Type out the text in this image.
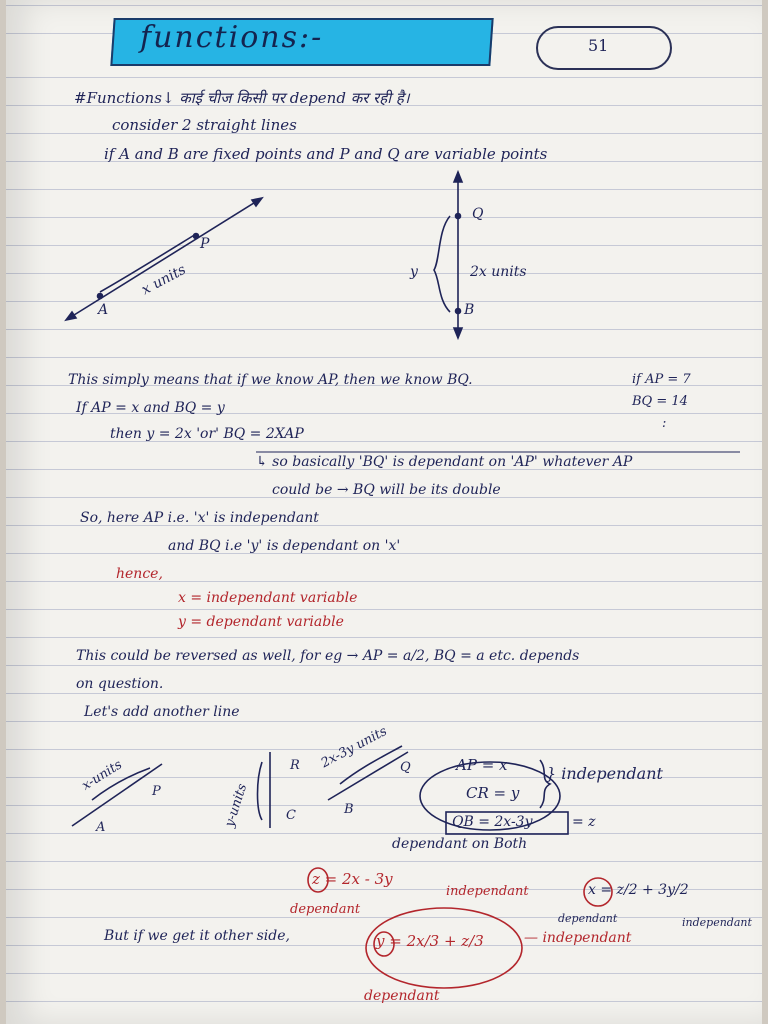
functions:-	51
#Functions↓ काई चीज किसी पर depend कर रही है।
consider 2 straight lines
if A and B are fixed points and P and Q are variable points
P
A
x units
Q
B
y	2x units
This simply means that if we know AP, then we know BQ.	if AP = 7
BQ = 14
:
If AP = x and BQ = y
then y = 2x 'or' BQ = 2XAP
↳ so basically 'BQ' is dependant on 'AP' whatever AP
could be → BQ will be its double
So, here AP i.e. 'x' is independant
and BQ i.e 'y' is dependant on 'x'
hence,
x = independant variable
y = dependant variable
This could be reversed as well, for eg → AP = a/2, BQ = a etc. depends
on question.
Let's add another line
x-units P
A	y-units
R
C
2x-3y units Q
B
AP = x
CR = y
} independant
QB = 2x-3y	= z
dependant on Both
z = 2x - 3y
dependant
independant	x = z/2 + 3y/2
dependant	independant
But if we get it other side,	y = 2x/3 + z/3	— independant
dependant
